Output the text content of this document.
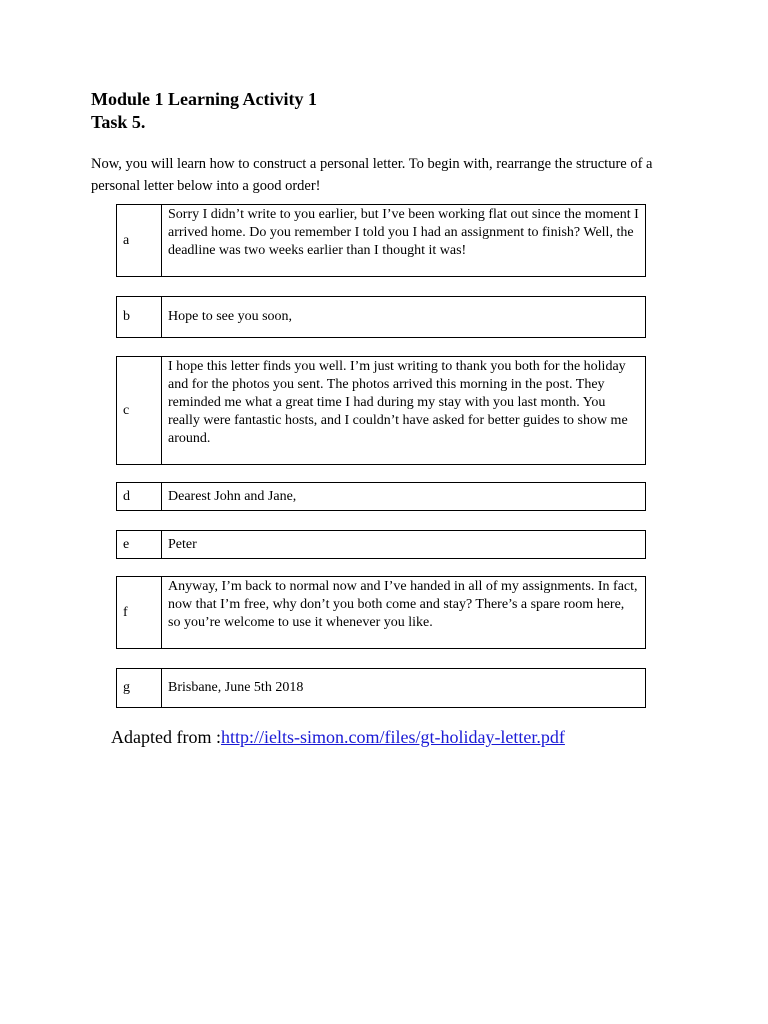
Module 1 Learning Activity 1

Task 5.

Now, you will learn how to construct a personal letter. To begin with, rearrange the structure of a personal letter below into a good order!

a
Sorry I didn’t write to you earlier, but I’ve been working flat out since the moment I arrived home. Do you remember I told you I had an assignment to finish? Well, the deadline was two weeks earlier than I thought it was!
b	Hope to see you soon,
c
I hope this letter finds you well. I’m just writing to thank you both for the holiday and for the photos you sent. The photos arrived this morning in the post. They reminded me what a great time I had during my stay with you last month. You really were fantastic hosts, and I couldn’t have asked for better guides to show me around.
d	Dearest John and Jane,
e	Peter
f
Anyway, I’m back to normal now and I’ve handed in all of my assignments. In fact, now that I’m free, why don’t you both come and stay? There’s a spare room here, so you’re welcome to use it whenever you like.
g	Brisbane, June 5th 2018

Adapted from :http://ielts-simon.com/files/gt-holiday-letter.pdf
